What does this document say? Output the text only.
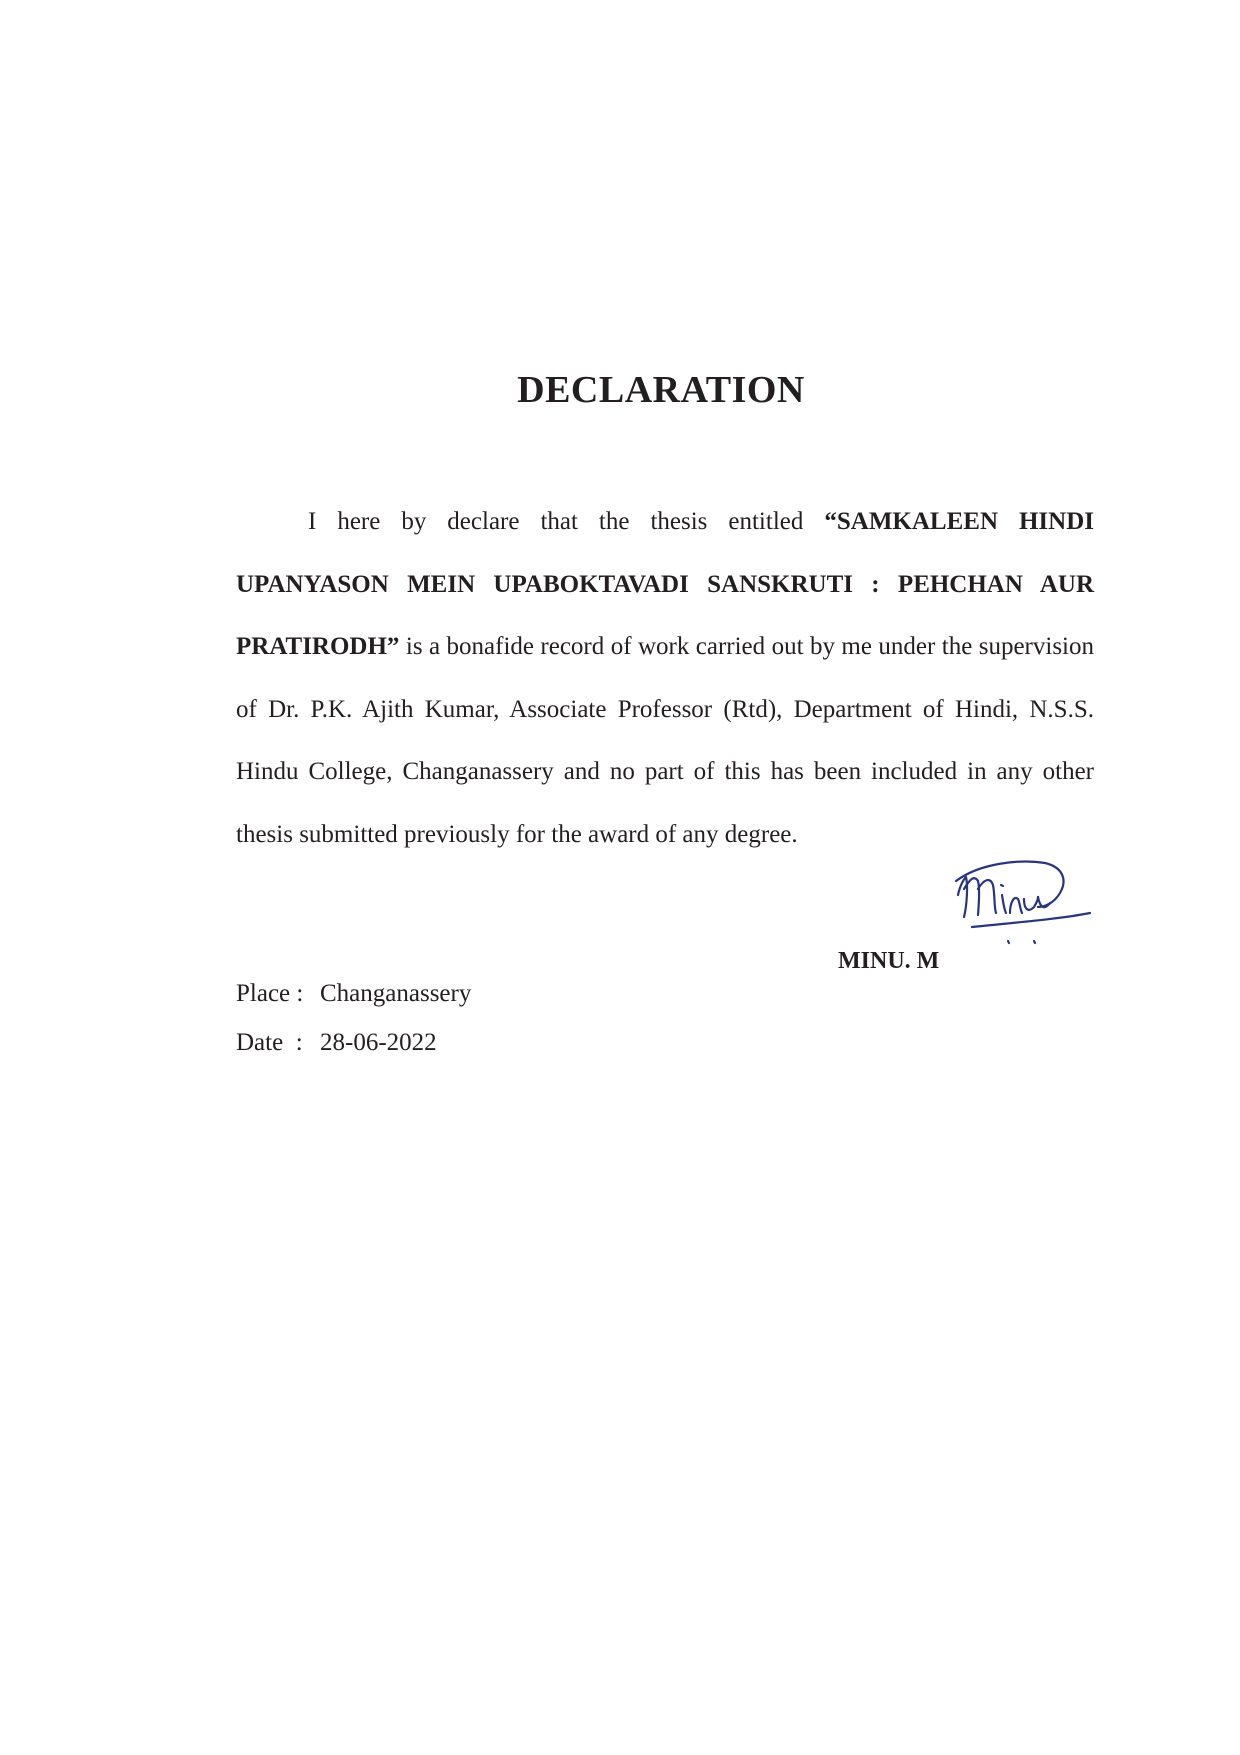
DECLARATION

I here by declare that the thesis entitled “SAMKALEEN HINDI UPANYASON MEIN UPABOKTAVADI SANSKRUTI : PEHCHAN AUR PRATIRODH” is a bonafide record of work carried out by me under the supervision of Dr. P.K. Ajith Kumar, Associate Professor (Rtd), Department of Hindi, N.S.S. Hindu College, Changanassery and no part of this has been included in any other thesis submitted previously for the award of any degree.

MINU. M

Place : Changanassery

Date  : 28-06-2022
